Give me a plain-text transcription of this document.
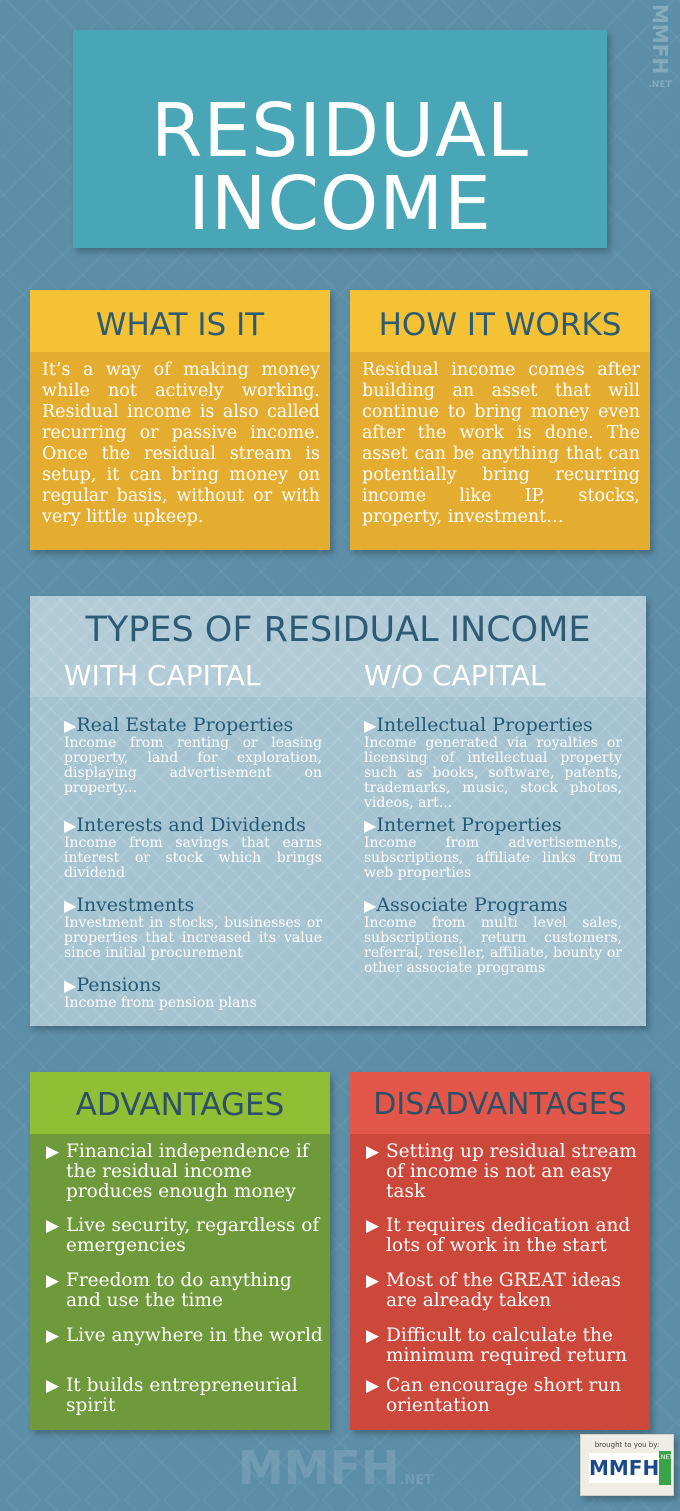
MMFH
.NET
RESIDUAL
INCOME
WHAT IS IT
It’s a way of making money while not actively working. Residual income is also called recurring or passive income. Once the residual stream is setup, it can bring money on regular basis, without or with very little upkeep.
HOW IT WORKS
Residual income comes after building an asset that will continue to bring money even after the work is done. The asset can be anything that can potentially bring recurring income like IP, stocks, property, investment…
TYPES OF RESIDUAL INCOME
WITH CAPITAL	W/O CAPITAL
▶Real Estate Properties
Income from renting or leasing property, land for exploration, displaying advertisement on property...
▶Interests and Dividends
Income from savings that earns interest or stock which brings dividend
▶Investments
Investment in stocks, businesses or properties that increased its value since initial procurement
▶Pensions
Income from pension plans
▶Intellectual Properties
Income generated via royalties or licensing of intellectual property such as books, software, patents, trademarks, music, stock photos, videos, art...
▶Internet Properties
Income from advertisements, subscriptions, affiliate links from web properties
▶Associate Programs
Income from multi level sales, subscriptions, return customers, referral, reseller, affiliate, bounty or other associate programs
ADVANTAGES
▶ Financial independence if the residual income produces enough money
▶ Live security, regardless of emergencies
▶ Freedom to do anything and use the time
▶ Live anywhere in the world
▶ It builds entrepreneurial spirit
DISADVANTAGES
▶ Setting up residual stream of income is not an easy task
▶ It requires dedication and lots of work in the start
▶ Most of the GREAT ideas are already taken
▶ Difficult to calculate the minimum required return
▶ Can encourage short run orientation
MMFH.NET
brought to you by:
MMFH .NET
